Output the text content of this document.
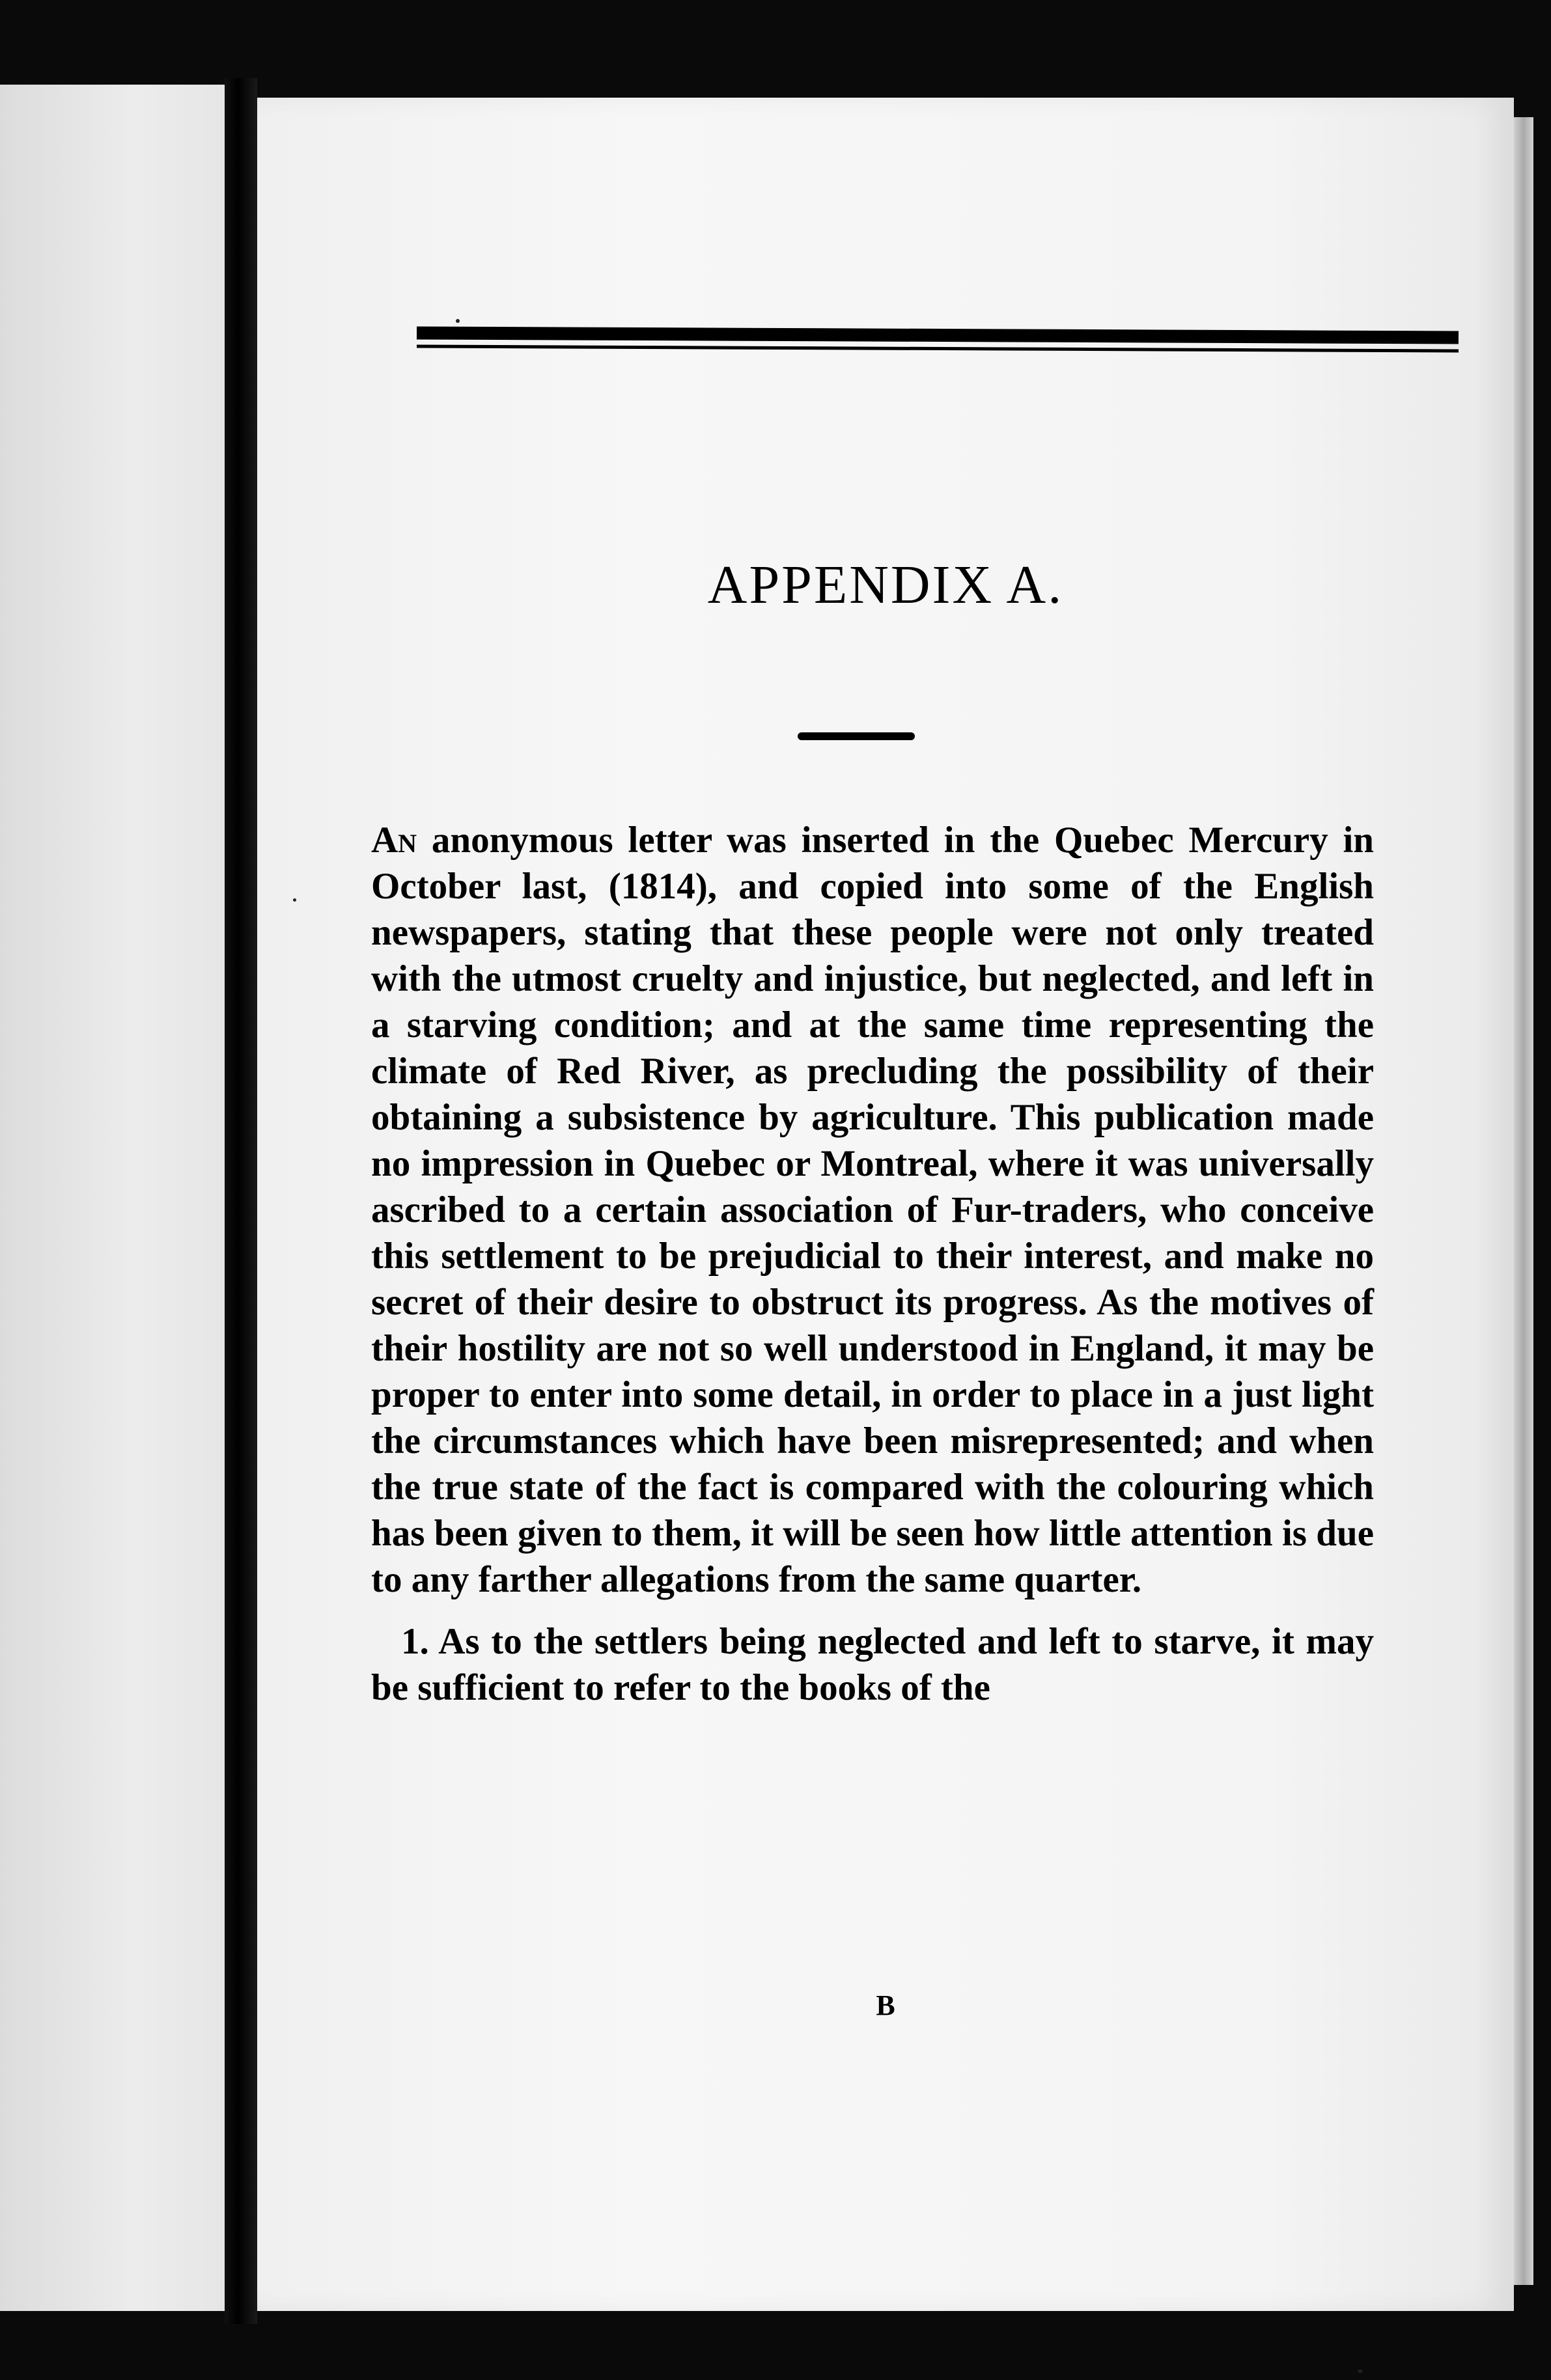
APPENDIX A.

An anonymous letter was inserted in the Quebec Mercury in October last, (1814), and copied into some of the English newspapers, stating that these people were not only treated with the utmost cruelty and injustice, but neglected, and left in a starving condition; and at the same time representing the climate of Red River, as precluding the possibility of their obtaining a subsistence by agriculture. This publication made no impression in Quebec or Montreal, where it was universally ascribed to a certain association of Fur-traders, who conceive this settlement to be prejudicial to their interest, and make no secret of their desire to obstruct its progress. As the motives of their hostility are not so well understood in England, it may be proper to enter into some detail, in order to place in a just light the circumstances which have been misrepresented; and when the true state of the fact is compared with the colouring which has been given to them, it will be seen how little attention is due to any farther allegations from the same quarter.

1. As to the settlers being neglected and left to starve, it may be sufficient to refer to the books of the

B
